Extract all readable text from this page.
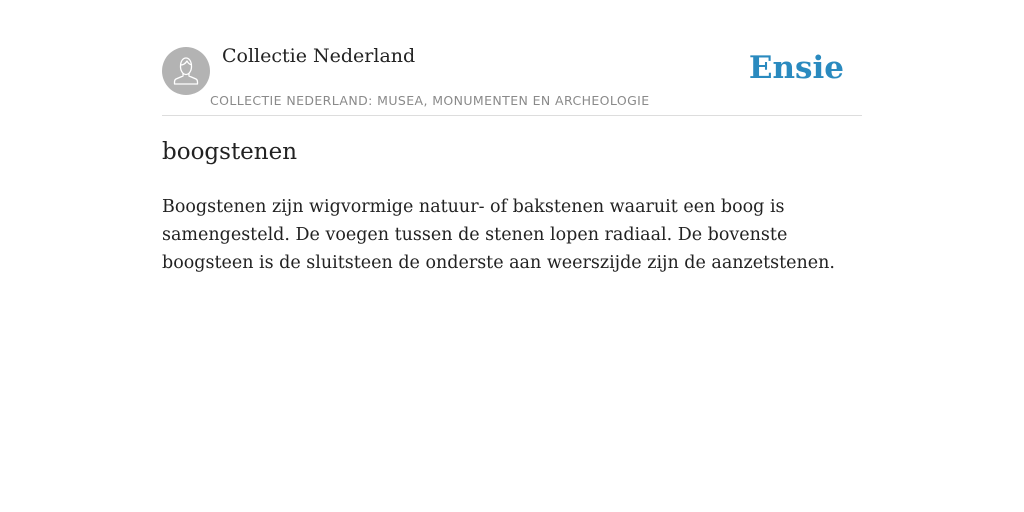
Collectie Nederland
COLLECTIE NEDERLAND: MUSEA, MONUMENTEN EN ARCHEOLOGIE
Ensie
boogstenen

Boogstenen zijn wigvormige natuur- of bakstenen waaruit een boog is samengesteld. De voegen tussen de stenen lopen radiaal. De bovenste boogsteen is de sluitsteen de onderste aan weerszijde zijn de aanzetstenen.
